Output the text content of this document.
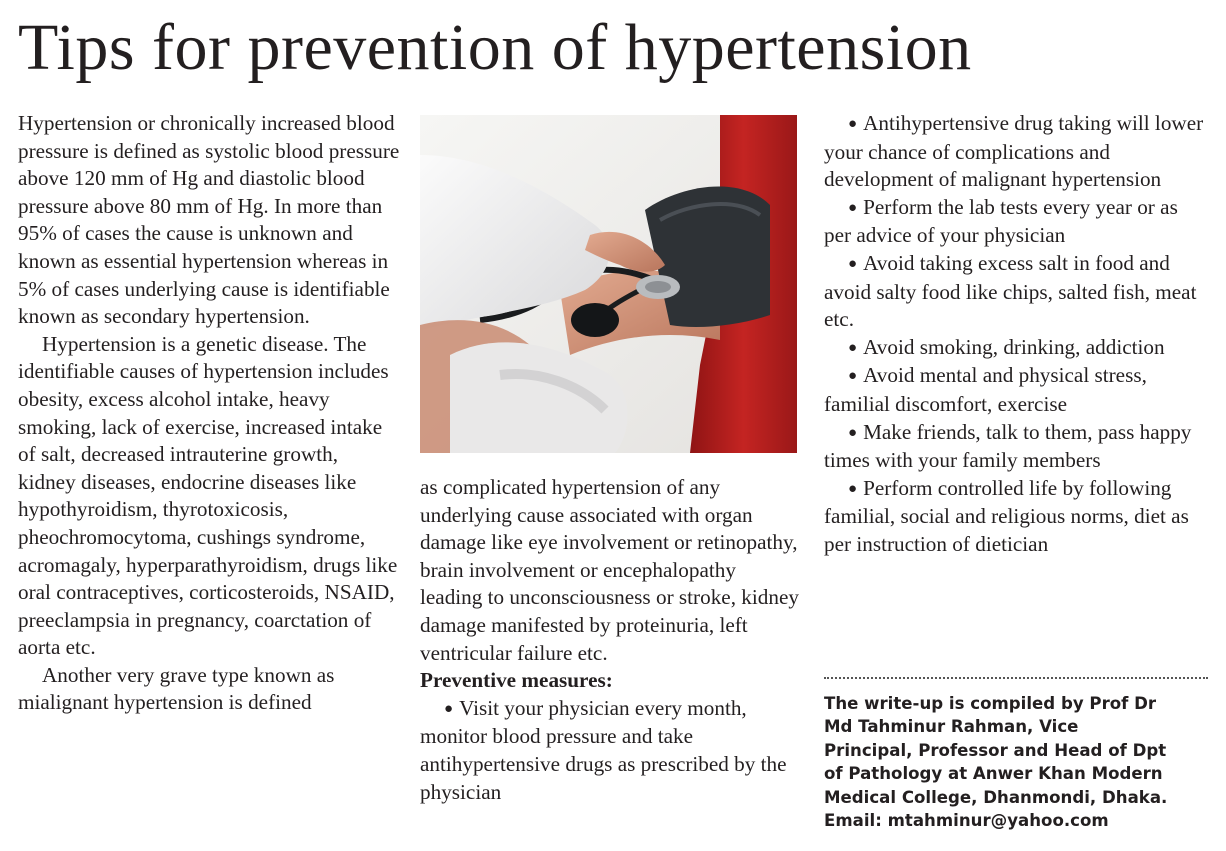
Tips for prevention of hypertension

Hypertension or chronically increased blood pressure is defined as systolic blood pressure above 120 mm of Hg and diastolic blood pressure above 80 mm of Hg. In more than 95% of cases the cause is unknown and known as essential hypertension whereas in 5% of cases underlying cause is identifiable known as secondary hypertension.

Hypertension is a genetic disease. The identifiable causes of hypertension includes obesity, excess alcohol intake, heavy smoking, lack of exercise, increased intake of salt, decreased intrauterine growth, kidney diseases, endocrine diseases like hypothyroidism, thyrotoxicosis, pheochromocytoma, cushings syndrome, acromagaly, hyperparathyroidism, drugs like oral contraceptives, corticosteroids, NSAID, preeclampsia in pregnancy, coarctation of aorta etc.

Another very grave type known as mialignant hypertension is defined

as complicated hypertension of any underlying cause associated with organ damage like eye involvement or retinopathy, brain involvement or encephalopathy leading to unconsciousness or stroke, kidney damage manifested by proteinuria, left ventricular failure etc.

Preventive measures:

● Visit your physician every month, monitor blood pressure and take antihypertensive drugs as prescribed by the physician

● Antihypertensive drug taking will lower your chance of complications and development of malignant hypertension

● Perform the lab tests every year or as per advice of your physician

● Avoid taking excess salt in food and avoid salty food like chips, salted fish, meat etc.

● Avoid smoking, drinking, addiction

● Avoid mental and physical stress, familial discomfort, exercise

● Make friends, talk to them, pass happy times with your family members

● Perform controlled life by following familial, social and religious norms, diet as per instruction of dietician

The write-up is compiled by Prof Dr
Md Tahminur Rahman, Vice
Principal, Professor and Head of Dpt
of Pathology at Anwer Khan Modern
Medical College, Dhanmondi, Dhaka.
Email: mtahminur@yahoo.com
